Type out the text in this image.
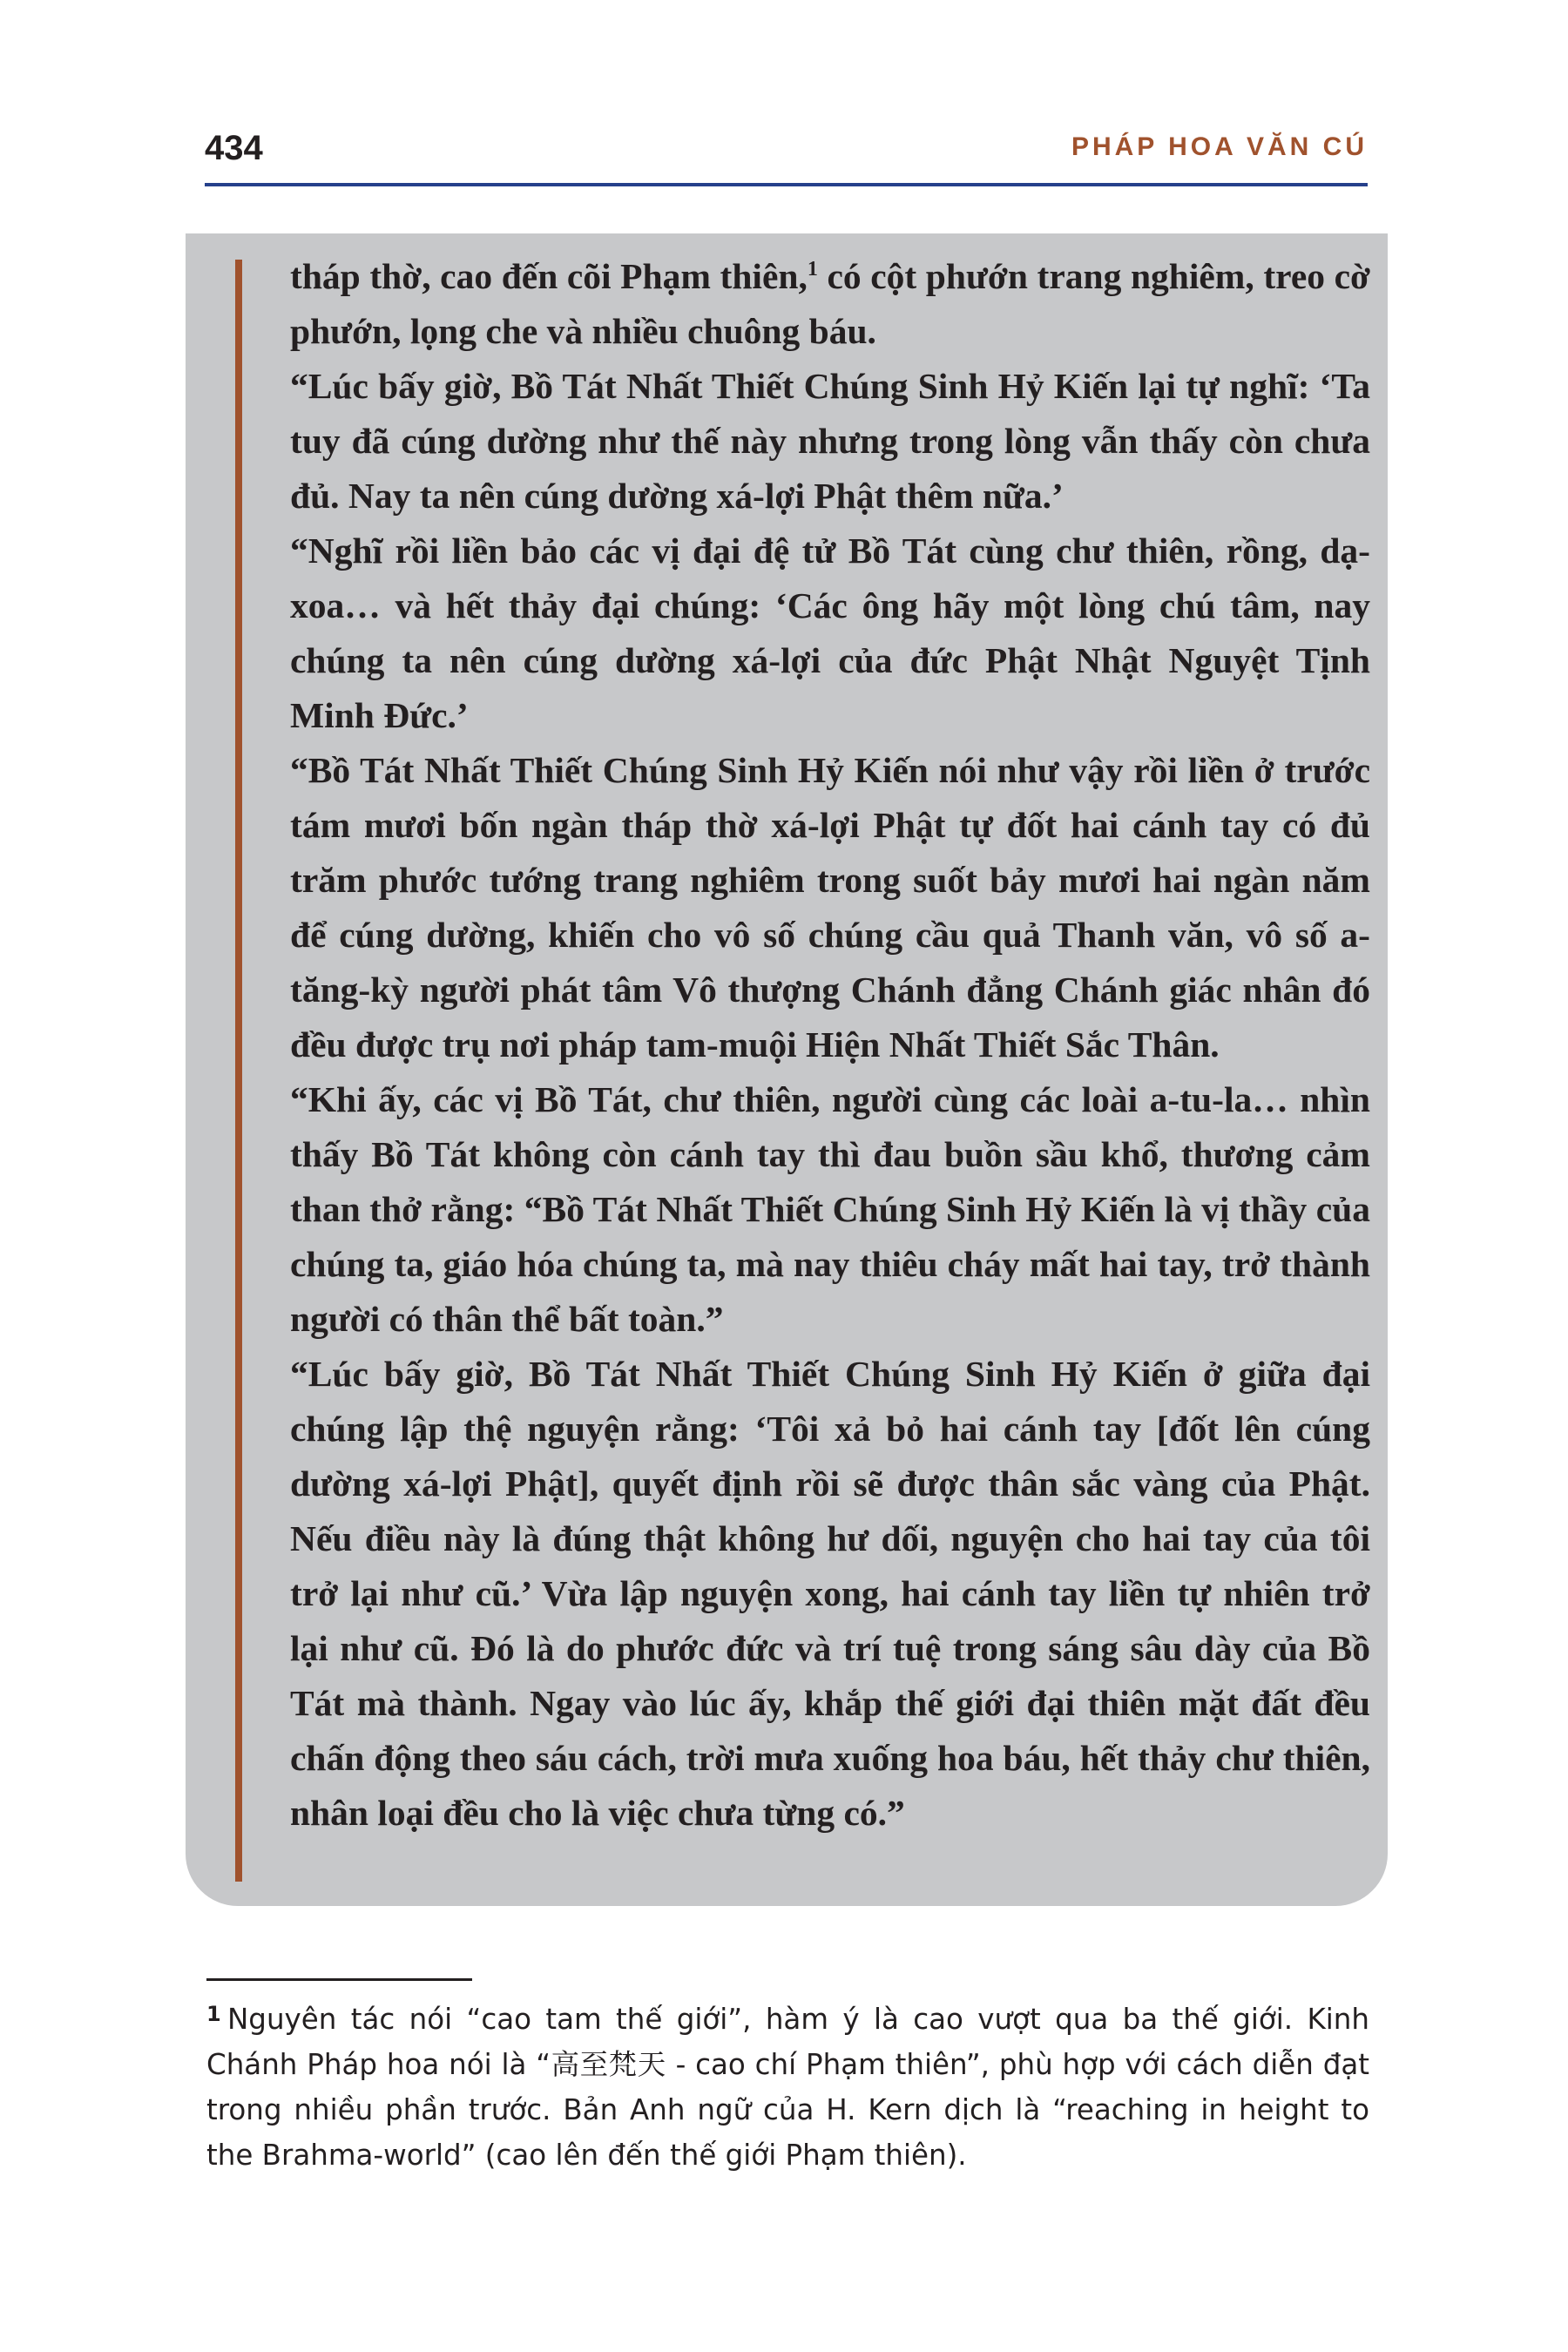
434	PHÁP HOA VĂN CÚ

tháp thờ, cao đến cõi Phạm thiên,$^1$ có cột phướn trang nghiêm, treo cờ phướn, lọng che và nhiều chuông báu.

“Lúc bấy giờ, Bồ Tát Nhất Thiết Chúng Sinh Hỷ Kiến lại tự nghĩ: ‘Ta tuy đã cúng dường như thế này nhưng trong lòng vẫn thấy còn chưa đủ. Nay ta nên cúng dường xá-lợi Phật thêm nữa.’

“Nghĩ rồi liền bảo các vị đại đệ tử Bồ Tát cùng chư thiên, rồng, dạ-xoa… và hết thảy đại chúng: ‘Các ông hãy một lòng chú tâm, nay chúng ta nên cúng dường xá-lợi của đức Phật Nhật Nguyệt Tịnh Minh Đức.’

“Bồ Tát Nhất Thiết Chúng Sinh Hỷ Kiến nói như vậy rồi liền ở trước tám mươi bốn ngàn tháp thờ xá-lợi Phật tự đốt hai cánh tay có đủ trăm phước tướng trang nghiêm trong suốt bảy mươi hai ngàn năm để cúng dường, khiến cho vô số chúng cầu quả Thanh văn, vô số a-tăng-kỳ người phát tâm Vô thượng Chánh đẳng Chánh giác nhân đó đều được trụ nơi pháp tam-muội Hiện Nhất Thiết Sắc Thân.

“Khi ấy, các vị Bồ Tát, chư thiên, người cùng các loài a-tu-la… nhìn thấy Bồ Tát không còn cánh tay thì đau buồn sầu khổ, thương cảm than thở rằng: “Bồ Tát Nhất Thiết Chúng Sinh Hỷ Kiến là vị thầy của chúng ta, giáo hóa chúng ta, mà nay thiêu cháy mất hai tay, trở thành người có thân thể bất toàn.”

“Lúc bấy giờ, Bồ Tát Nhất Thiết Chúng Sinh Hỷ Kiến ở giữa đại chúng lập thệ nguyện rằng: ‘Tôi xả bỏ hai cánh tay [đốt lên cúng dường xá-lợi Phật], quyết định rồi sẽ được thân sắc vàng của Phật. Nếu điều này là đúng thật không hư dối, nguyện cho hai tay của tôi trở lại như cũ.’ Vừa lập nguyện xong, hai cánh tay liền tự nhiên trở lại như cũ. Đó là do phước đức và trí tuệ trong sáng sâu dày của Bồ Tát mà thành. Ngay vào lúc ấy, khắp thế giới đại thiên mặt đất đều chấn động theo sáu cách, trời mưa xuống hoa báu, hết thảy chư thiên, nhân loại đều cho là việc chưa từng có.”

1 Nguyên tác nói “cao tam thế giới”, hàm ý là cao vượt qua ba thế giới. Kinh Chánh Pháp hoa nói là “高至梵天 - cao chí Phạm thiên”, phù hợp với cách diễn đạt trong nhiều phần trước. Bản Anh ngữ của H. Kern dịch là “reaching in height to the Brahma-world” (cao lên đến thế giới Phạm thiên).
